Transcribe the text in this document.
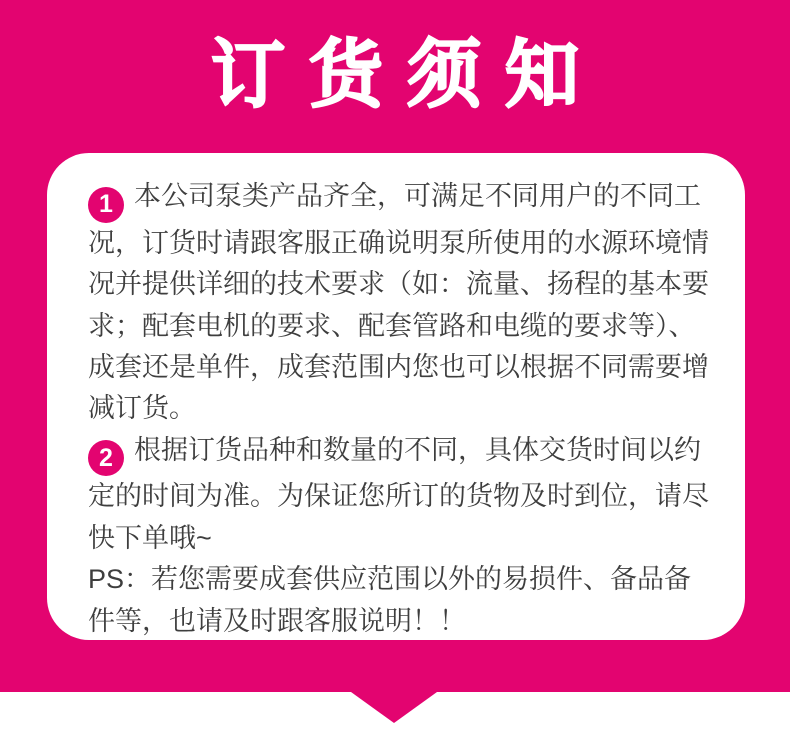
订货须知

1 本公司泵类产品齐全，可满足不同用户的不同工况，订货时请跟客服正确说明泵所使用的水源环境情况并提供详细的技术要求（如：流量、扬程的基本要求；配套电机的要求、配套管路和电缆的要求等）、成套还是单件，成套范围内您也可以根据不同需要增减订货。

2 根据订货品种和数量的不同，具体交货时间以约定的时间为准。为保证您所订的货物及时到位，请尽快下单哦~

PS：若您需要成套供应范围以外的易损件、备品备件等，也请及时跟客服说明！！
